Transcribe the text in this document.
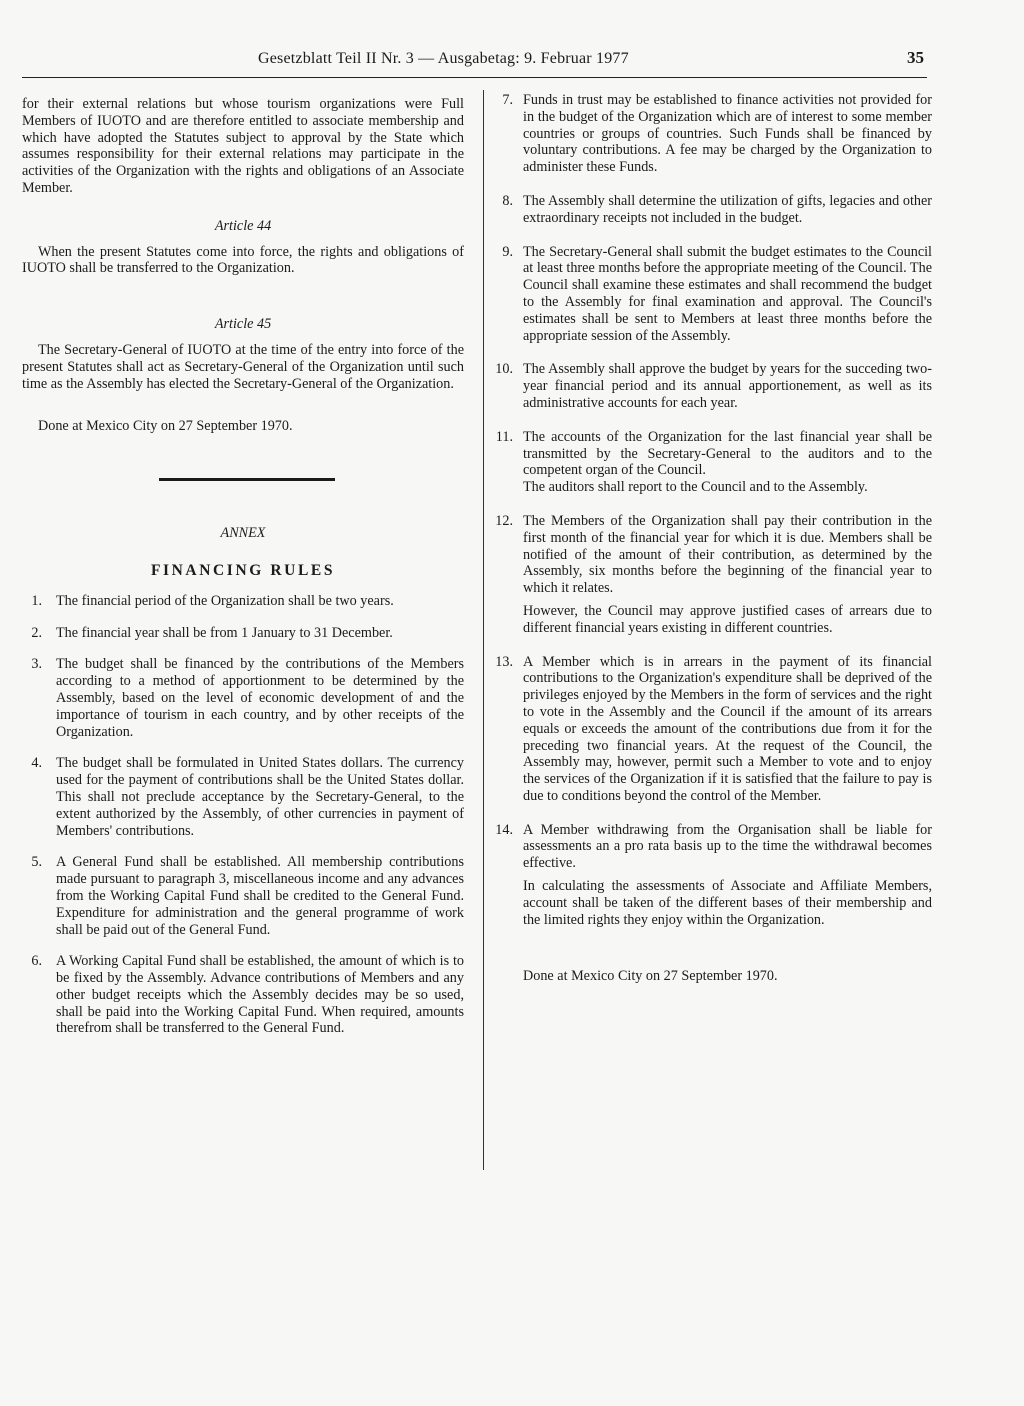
Gesetzblatt Teil II Nr. 3 — Ausgabetag: 9. Februar 1977	35

for their external relations but whose tourism organizations were Full Members of IUOTO and are therefore entitled to associate membership and which have adopted the Statutes subject to approval by the State which assumes responsibility for their external relations may participate in the activities of the Organization with the rights and obligations of an Associate Member.

Article 44

When the present Statutes come into force, the rights and obligations of IUOTO shall be transferred to the Organization.

Article 45

The Secretary-General of IUOTO at the time of the entry into force of the present Statutes shall act as Secretary-General of the Organization until such time as the Assembly has elected the Secretary-General of the Organization.

Done at Mexico City on 27 September 1970.

ANNEX

FINANCING RULES

1. The financial period of the Organization shall be two years.

2. The financial year shall be from 1 January to 31 December.

3. The budget shall be financed by the contributions of the Members according to a method of apportionment to be determined by the Assembly, based on the level of economic development of and the importance of tourism in each country, and by other receipts of the Organization.

4. The budget shall be formulated in United States dollars. The currency used for the payment of contributions shall be the United States dollar. This shall not preclude acceptance by the Secretary-General, to the extent authorized by the Assembly, of other currencies in payment of Members' contributions.

5. A General Fund shall be established. All membership contributions made pursuant to paragraph 3, miscellaneous income and any advances from the Working Capital Fund shall be credited to the General Fund. Expenditure for administration and the general programme of work shall be paid out of the General Fund.

6. A Working Capital Fund shall be established, the amount of which is to be fixed by the Assembly. Advance contributions of Members and any other budget receipts which the Assembly decides may be so used, shall be paid into the Working Capital Fund. When required, amounts therefrom shall be transferred to the General Fund.

7. Funds in trust may be established to finance activities not provided for in the budget of the Organization which are of interest to some member countries or groups of countries. Such Funds shall be financed by voluntary contributions. A fee may be charged by the Organization to administer these Funds.

8. The Assembly shall determine the utilization of gifts, legacies and other extraordinary receipts not included in the budget.

9. The Secretary-General shall submit the budget estimates to the Council at least three months before the appropriate meeting of the Council. The Council shall examine these estimates and shall recommend the budget to the Assembly for final examination and approval. The Council's estimates shall be sent to Members at least three months before the appropriate session of the Assembly.

10. The Assembly shall approve the budget by years for the succeding two-year financial period and its annual apportionement, as well as its administrative accounts for each year.

11. The accounts of the Organization for the last financial year shall be transmitted by the Secretary-General to the auditors and to the competent organ of the Council.

The auditors shall report to the Council and to the Assembly.

12. The Members of the Organization shall pay their contribution in the first month of the financial year for which it is due. Members shall be notified of the amount of their contribution, as determined by the Assembly, six months before the beginning of the financial year to which it relates.

However, the Council may approve justified cases of arrears due to different financial years existing in different countries.

13. A Member which is in arrears in the payment of its financial contributions to the Organization's expenditure shall be deprived of the privileges enjoyed by the Members in the form of services and the right to vote in the Assembly and the Council if the amount of its arrears equals or exceeds the amount of the contributions due from it for the preceding two financial years. At the request of the Council, the Assembly may, however, permit such a Member to vote and to enjoy the services of the Organization if it is satisfied that the failure to pay is due to conditions beyond the control of the Member.

14. A Member withdrawing from the Organisation shall be liable for assessments an a pro rata basis up to the time the withdrawal becomes effective.

In calculating the assessments of Associate and Affiliate Members, account shall be taken of the different bases of their membership and the limited rights they enjoy within the Organization.

Done at Mexico City on 27 September 1970.
